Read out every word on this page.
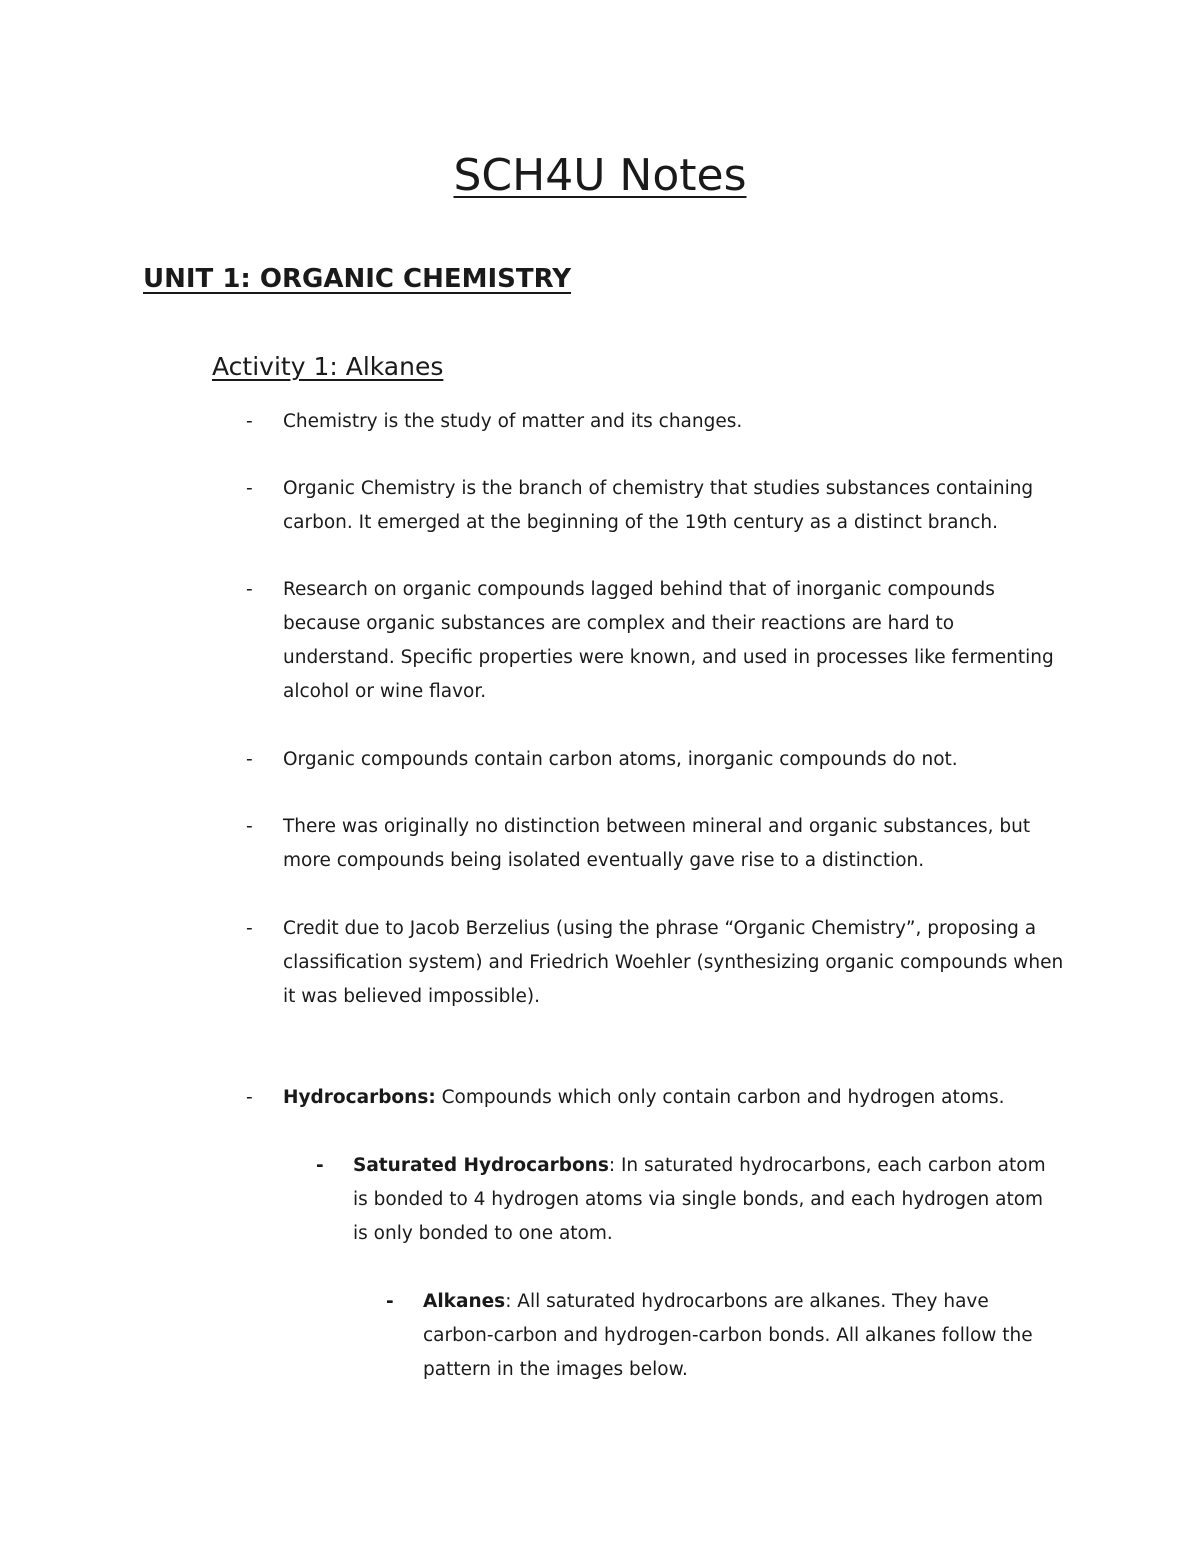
SCH4U Notes
UNIT 1: ORGANIC CHEMISTRY
Activity 1: Alkanes
- Chemistry is the study of matter and its changes.
- Organic Chemistry is the branch of chemistry that studies substances containing carbon. It emerged at the beginning of the 19th century as a distinct branch.
- Research on organic compounds lagged behind that of inorganic compounds because organic substances are complex and their reactions are hard to understand. Specific properties were known, and used in processes like fermenting alcohol or wine flavor.
- Organic compounds contain carbon atoms, inorganic compounds do not.
- There was originally no distinction between mineral and organic substances, but more compounds being isolated eventually gave rise to a distinction.
- Credit due to Jacob Berzelius (using the phrase “Organic Chemistry”, proposing a classification system) and Friedrich Woehler (synthesizing organic compounds when it was believed impossible).
- Hydrocarbons: Compounds which only contain carbon and hydrogen atoms.
- Saturated Hydrocarbons: In saturated hydrocarbons, each carbon atom is bonded to 4 hydrogen atoms via single bonds, and each hydrogen atom is only bonded to one atom.
- Alkanes: All saturated hydrocarbons are alkanes. They have carbon-carbon and hydrogen-carbon bonds. All alkanes follow the pattern in the images below.
